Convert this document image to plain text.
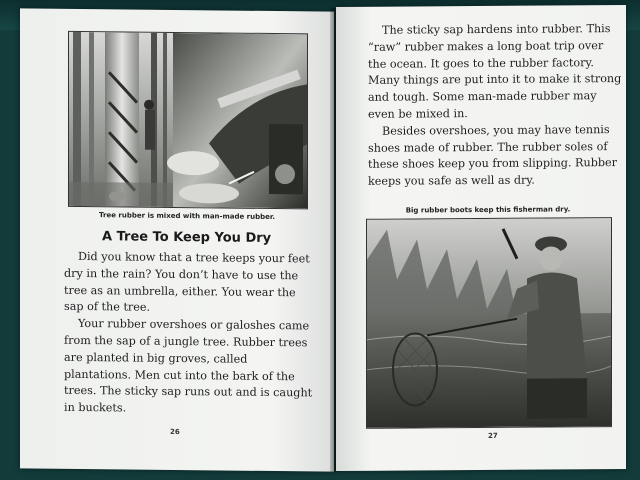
Tree rubber is mixed with man-made rubber.
A Tree To Keep You Dry

Did you know that a tree keeps your feet dry in the rain? You don’t have to use the tree as an umbrella, either. You wear the sap of the tree.

Your rubber overshoes or galoshes came from the sap of a jungle tree. Rubber trees are planted in big groves, called plantations. Men cut into the bark of the trees. The sticky sap runs out and is caught in buckets.

26

The sticky sap hardens into rubber. This “raw” rubber makes a long boat trip over the ocean. It goes to the rubber factory. Many things are put into it to make it strong and tough. Some man-made rubber may even be mixed in.

Besides overshoes, you may have tennis shoes made of rubber. The rubber soles of these shoes keep you from slipping. Rubber keeps you safe as well as dry.

Big rubber boots keep this fisherman dry.
27
